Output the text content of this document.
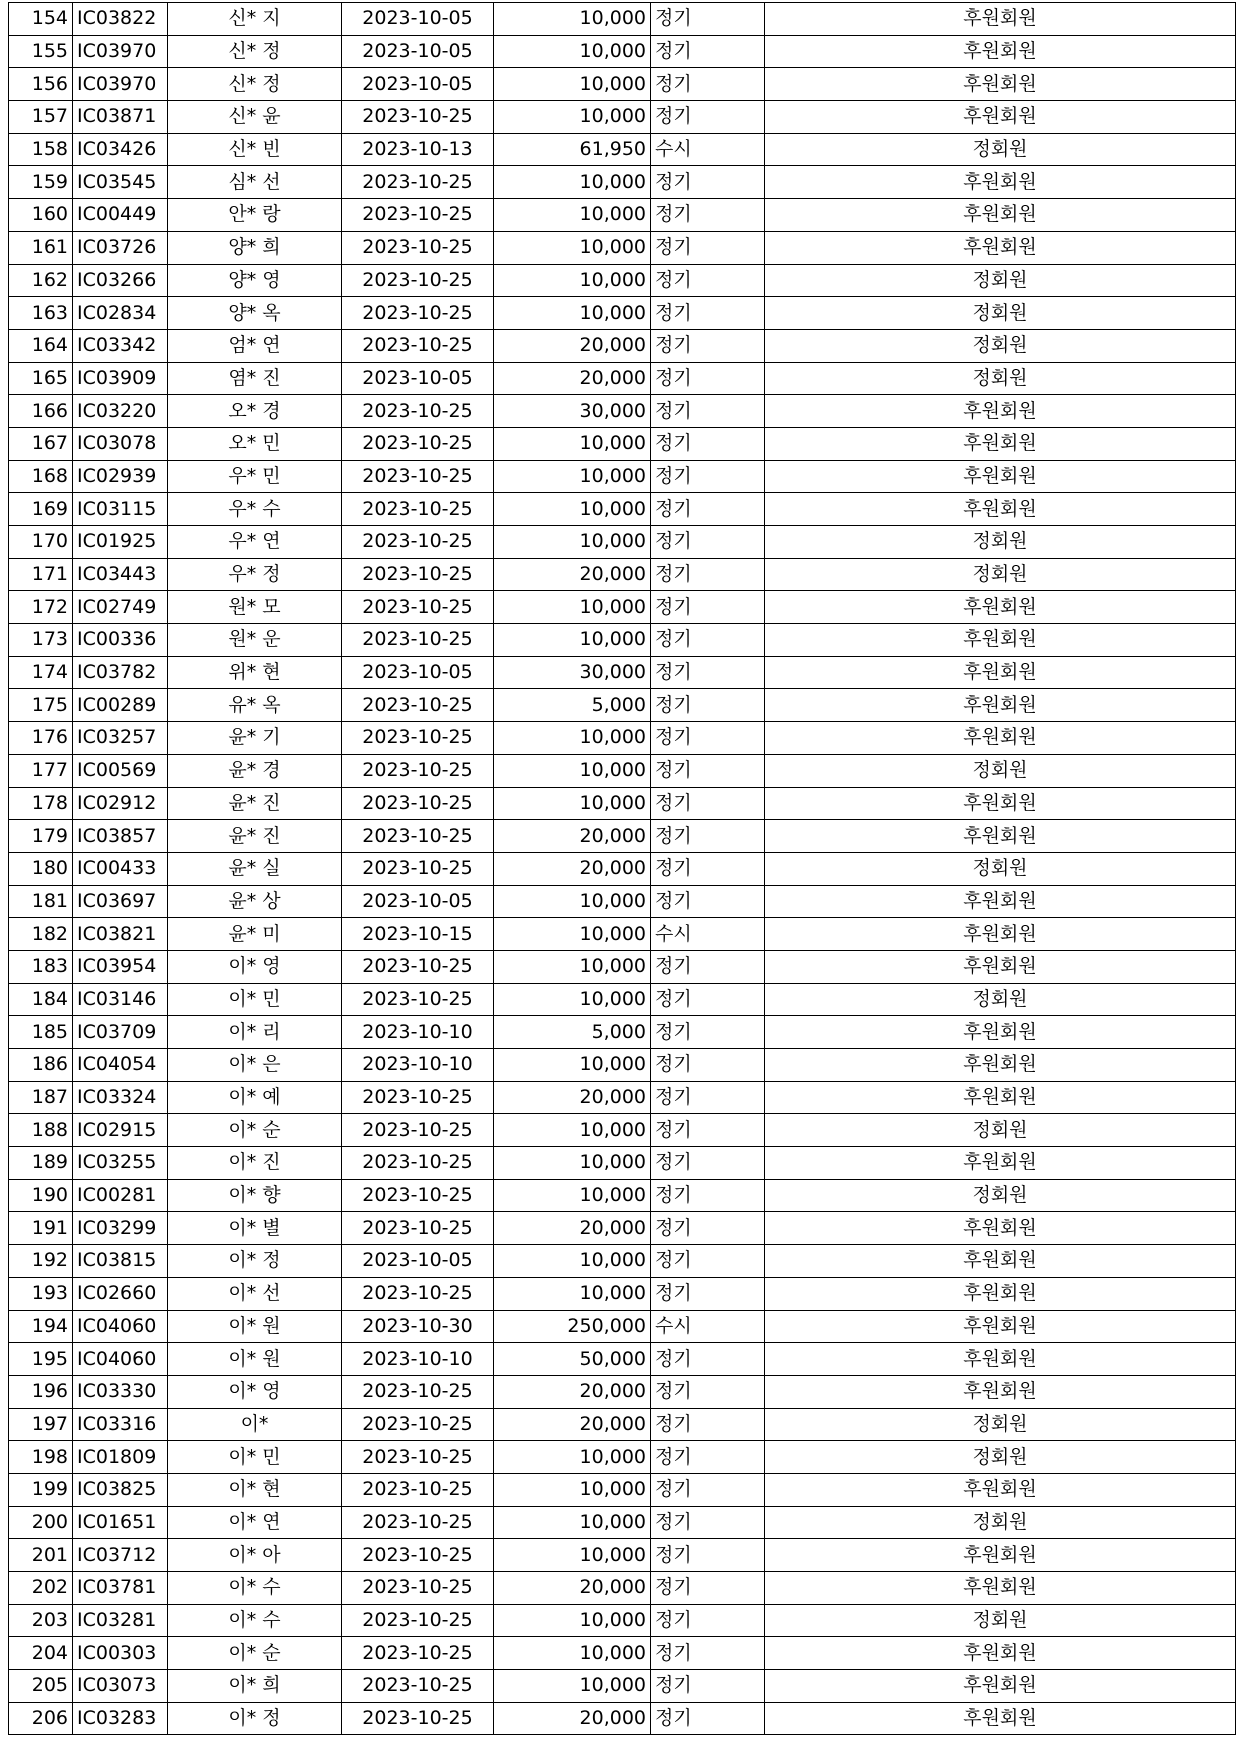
154	IC03822	신* 지	2023-10-05	10,000	정기	후원회원
155	IC03970	신* 정	2023-10-05	10,000	정기	후원회원
156	IC03970	신* 정	2023-10-05	10,000	정기	후원회원
157	IC03871	신* 윤	2023-10-25	10,000	정기	후원회원
158	IC03426	신* 빈	2023-10-13	61,950	수시	정회원
159	IC03545	심* 선	2023-10-25	10,000	정기	후원회원
160	IC00449	안* 랑	2023-10-25	10,000	정기	후원회원
161	IC03726	양* 희	2023-10-25	10,000	정기	후원회원
162	IC03266	양* 영	2023-10-25	10,000	정기	정회원
163	IC02834	양* 옥	2023-10-25	10,000	정기	정회원
164	IC03342	엄* 연	2023-10-25	20,000	정기	정회원
165	IC03909	염* 진	2023-10-05	20,000	정기	정회원
166	IC03220	오* 경	2023-10-25	30,000	정기	후원회원
167	IC03078	오* 민	2023-10-25	10,000	정기	후원회원
168	IC02939	우* 민	2023-10-25	10,000	정기	후원회원
169	IC03115	우* 수	2023-10-25	10,000	정기	후원회원
170	IC01925	우* 연	2023-10-25	10,000	정기	정회원
171	IC03443	우* 정	2023-10-25	20,000	정기	정회원
172	IC02749	원* 모	2023-10-25	10,000	정기	후원회원
173	IC00336	원* 운	2023-10-25	10,000	정기	후원회원
174	IC03782	위* 현	2023-10-05	30,000	정기	후원회원
175	IC00289	유* 옥	2023-10-25	5,000	정기	후원회원
176	IC03257	윤* 기	2023-10-25	10,000	정기	후원회원
177	IC00569	윤* 경	2023-10-25	10,000	정기	정회원
178	IC02912	윤* 진	2023-10-25	10,000	정기	후원회원
179	IC03857	윤* 진	2023-10-25	20,000	정기	후원회원
180	IC00433	윤* 실	2023-10-25	20,000	정기	정회원
181	IC03697	윤* 상	2023-10-05	10,000	정기	후원회원
182	IC03821	윤* 미	2023-10-15	10,000	수시	후원회원
183	IC03954	이* 영	2023-10-25	10,000	정기	후원회원
184	IC03146	이* 민	2023-10-25	10,000	정기	정회원
185	IC03709	이* 리	2023-10-10	5,000	정기	후원회원
186	IC04054	이* 은	2023-10-10	10,000	정기	후원회원
187	IC03324	이* 예	2023-10-25	20,000	정기	후원회원
188	IC02915	이* 순	2023-10-25	10,000	정기	정회원
189	IC03255	이* 진	2023-10-25	10,000	정기	후원회원
190	IC00281	이* 향	2023-10-25	10,000	정기	정회원
191	IC03299	이* 별	2023-10-25	20,000	정기	후원회원
192	IC03815	이* 정	2023-10-05	10,000	정기	후원회원
193	IC02660	이* 선	2023-10-25	10,000	정기	후원회원
194	IC04060	이* 원	2023-10-30	250,000	수시	후원회원
195	IC04060	이* 원	2023-10-10	50,000	정기	후원회원
196	IC03330	이* 영	2023-10-25	20,000	정기	후원회원
197	IC03316	이*	2023-10-25	20,000	정기	정회원
198	IC01809	이* 민	2023-10-25	10,000	정기	정회원
199	IC03825	이* 현	2023-10-25	10,000	정기	후원회원
200	IC01651	이* 연	2023-10-25	10,000	정기	정회원
201	IC03712	이* 아	2023-10-25	10,000	정기	후원회원
202	IC03781	이* 수	2023-10-25	20,000	정기	후원회원
203	IC03281	이* 수	2023-10-25	10,000	정기	정회원
204	IC00303	이* 순	2023-10-25	10,000	정기	후원회원
205	IC03073	이* 희	2023-10-25	10,000	정기	후원회원
206	IC03283	이* 정	2023-10-25	20,000	정기	후원회원
